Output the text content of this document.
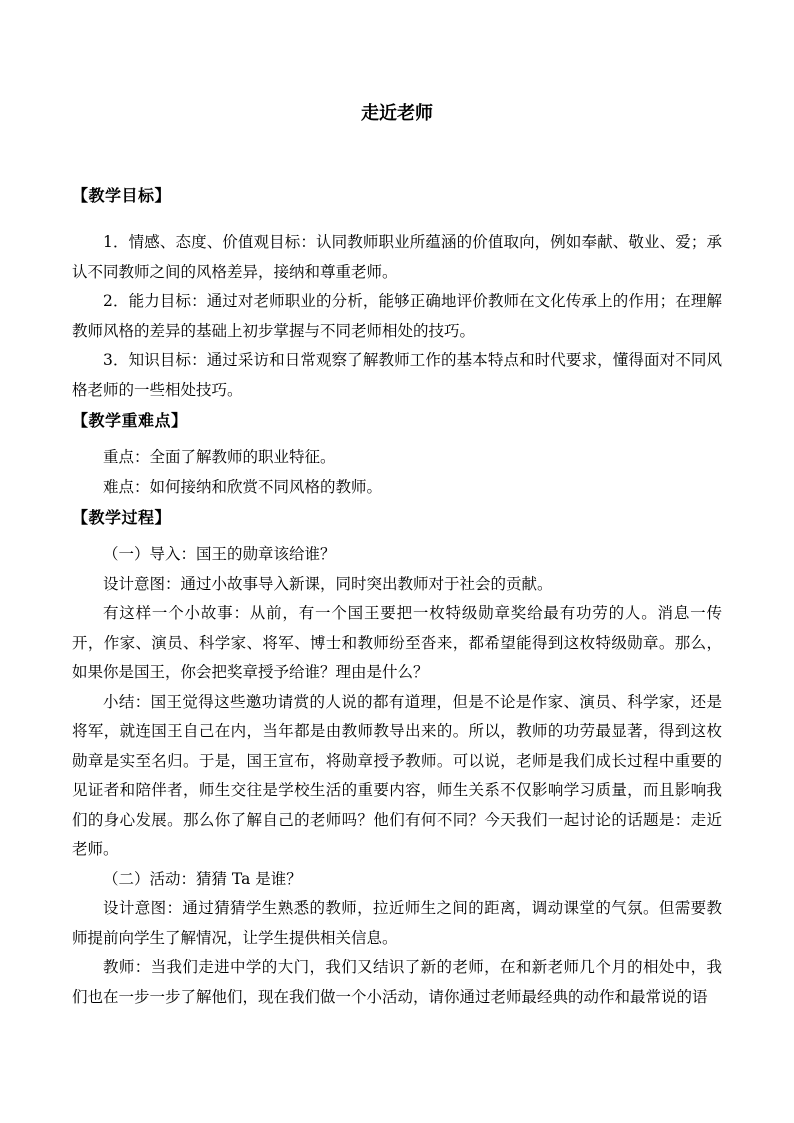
走近老师
【教学目标】

1．情感、态度、价值观目标：认同教师职业所蕴涵的价值取向，例如奉献、敬业、爱；承认不同教师之间的风格差异，接纳和尊重老师。

2．能力目标：通过对老师职业的分析，能够正确地评价教师在文化传承上的作用；在理解教师风格的差异的基础上初步掌握与不同老师相处的技巧。

3．知识目标：通过采访和日常观察了解教师工作的基本特点和时代要求，懂得面对不同风格老师的一些相处技巧。

【教学重难点】

重点：全面了解教师的职业特征。

难点：如何接纳和欣赏不同风格的教师。

【教学过程】

（一）导入：国王的勋章该给谁？

设计意图：通过小故事导入新课，同时突出教师对于社会的贡献。

有这样一个小故事：从前，有一个国王要把一枚特级勋章奖给最有功劳的人。消息一传开，作家、演员、科学家、将军、博士和教师纷至沓来，都希望能得到这枚特级勋章。那么，如果你是国王，你会把奖章授予给谁？理由是什么？

小结：国王觉得这些邀功请赏的人说的都有道理，但是不论是作家、演员、科学家，还是将军，就连国王自己在内，当年都是由教师教导出来的。所以，教师的功劳最显著，得到这枚勋章是实至名归。于是，国王宣布，将勋章授予教师。可以说，老师是我们成长过程中重要的见证者和陪伴者，师生交往是学校生活的重要内容，师生关系不仅影响学习质量，而且影响我们的身心发展。那么你了解自己的老师吗？他们有何不同？今天我们一起讨论的话题是：走近老师。

（二）活动：猜猜 Ta 是谁？

设计意图：通过猜猜学生熟悉的教师，拉近师生之间的距离，调动课堂的气氛。但需要教师提前向学生了解情况，让学生提供相关信息。

教师：当我们走进中学的大门，我们又结识了新的老师，在和新老师几个月的相处中，我们也在一步一步了解他们，现在我们做一个小活动，请你通过老师最经典的动作和最常说的语
